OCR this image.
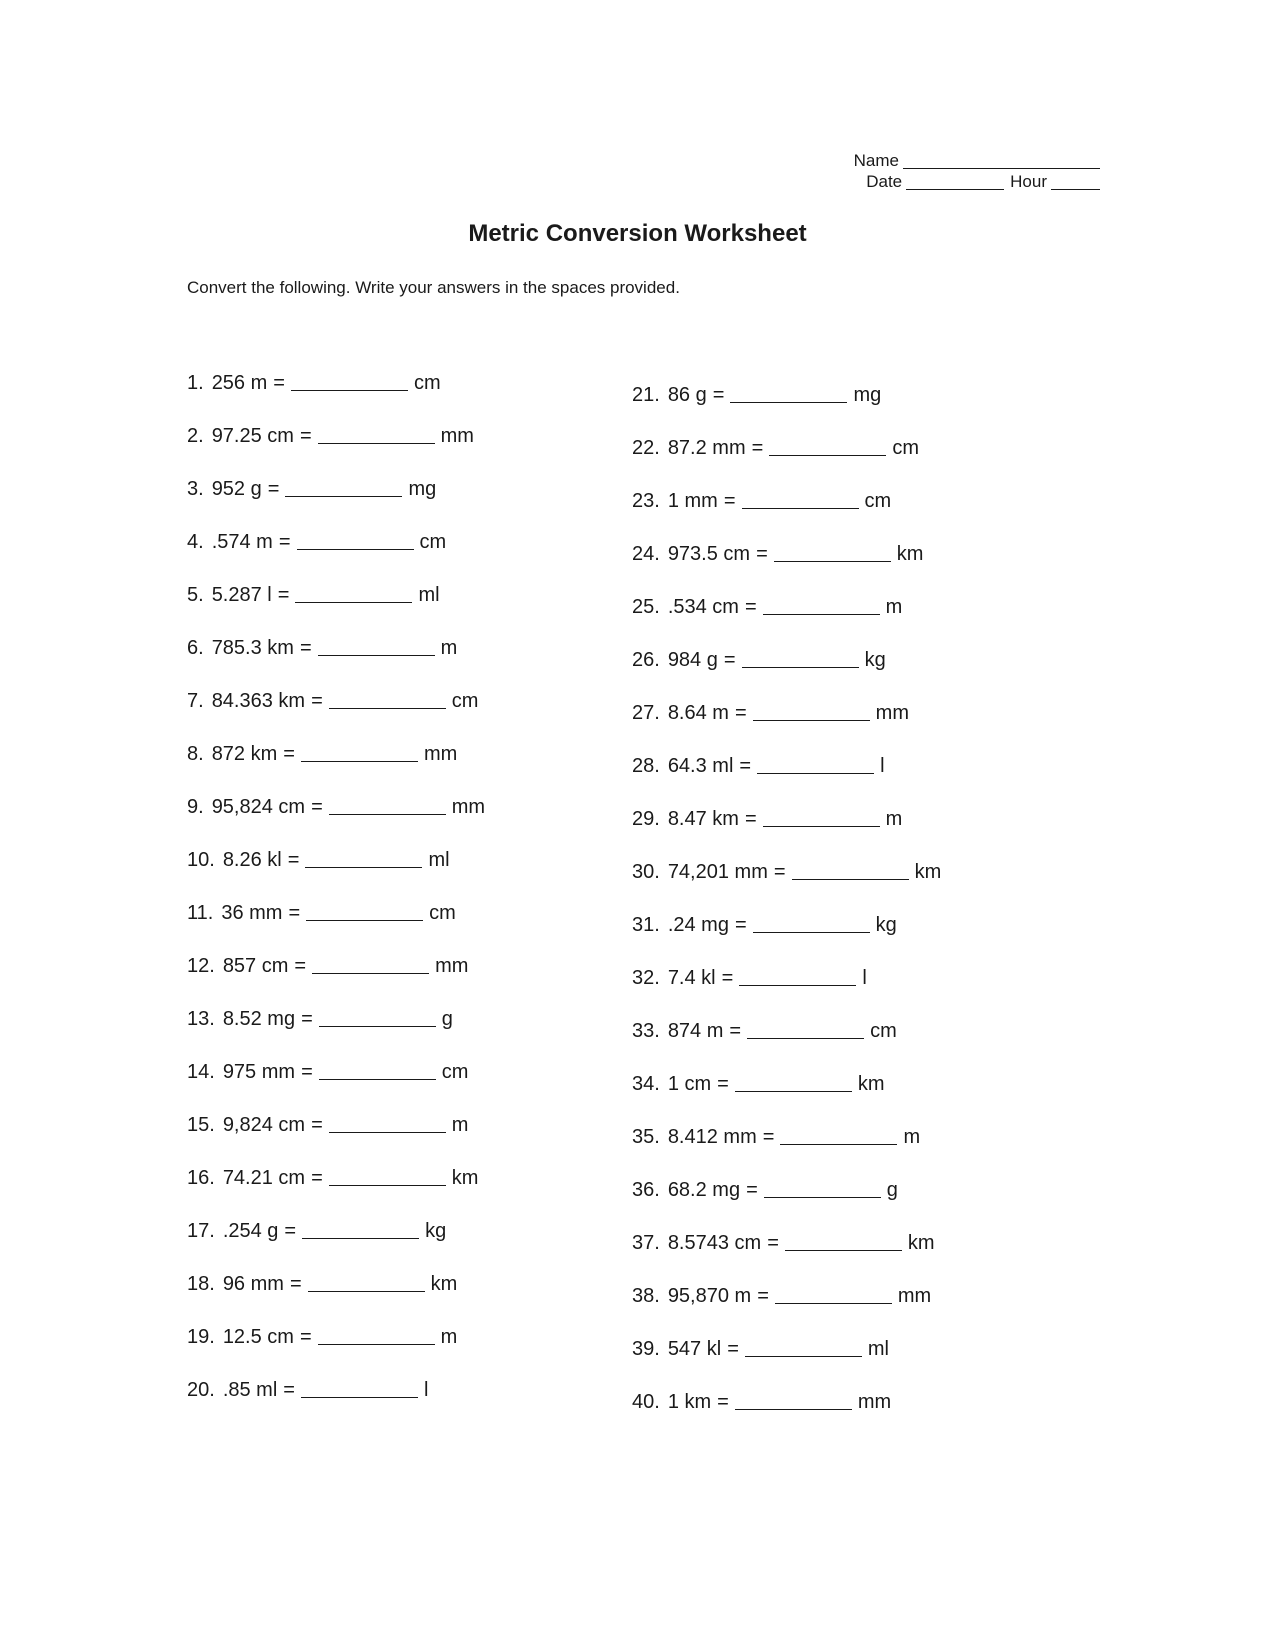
Name
Date	Hour
Metric Conversion Worksheet
Convert the following. Write your answers in the spaces provided.
1. 256 m =	cm
2. 97.25 cm =	mm
3. 952 g =	mg
4. .574 m =	cm
5. 5.287 l =	ml
6. 785.3 km =	m
7. 84.363 km =	cm
8. 872 km =	mm
9. 95,824 cm =	mm
10. 8.26 kl =	ml
11. 36 mm =	cm
12. 857 cm =	mm
13. 8.52 mg =	g
14. 975 mm =	cm
15. 9,824 cm =	m
16. 74.21 cm =	km
17. .254 g =	kg
18. 96 mm =	km
19. 12.5 cm =	m
20. .85 ml =	l
21. 86 g =	mg
22. 87.2 mm =	cm
23. 1 mm =	cm
24. 973.5 cm =	km
25. .534 cm =	m
26. 984 g =	kg
27. 8.64 m =	mm
28. 64.3 ml =	l
29. 8.47 km =	m
30. 74,201 mm =	km
31. .24 mg =	kg
32. 7.4 kl =	l
33. 874 m =	cm
34. 1 cm =	km
35. 8.412 mm =	m
36. 68.2 mg =	g
37. 8.5743 cm =	km
38. 95,870 m =	mm
39. 547 kl =	ml
40. 1 km =	mm
